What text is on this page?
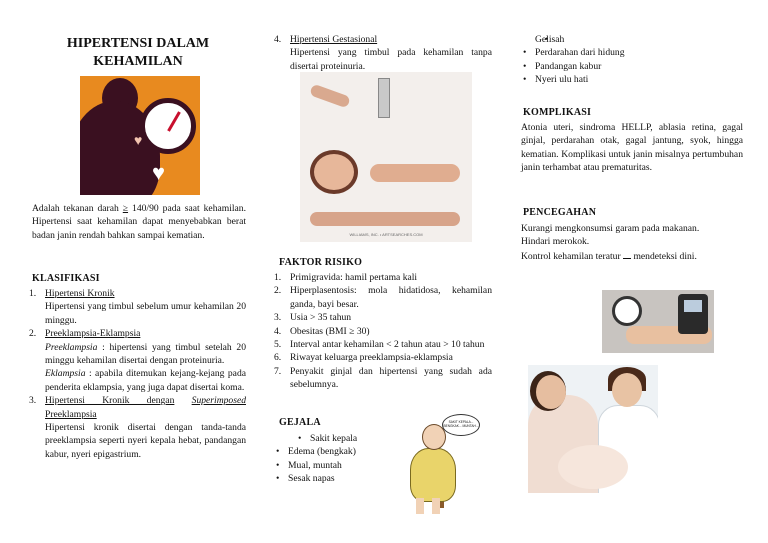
HIPERTENSI DALAM
KEHAMILAN
♥
♥
Adalah tekanan darah ≥ 140/90 pada saat kehamilan. Hipertensi saat kehamilan dapat menyebabkan berat badan janin rendah bahkan sampai kematian.
KLASIFIKASI
1. Hipertensi Kronik
Hipertensi yang timbul sebelum umur kehamilan 20 minggu.
2. Preeklampsia-Eklampsia
Preeklampsia : hipertensi yang timbul setelah 20 minggu kehamilan disertai dengan proteinuria.
Eklampsia : apabila ditemukan kejang-kejang pada penderita eklampsia, yang juga dapat disertai koma.
3. Hipertensi Kronik dengan Superimposed Preeklampsia
Hipertensi kronik disertai dengan tanda-tanda preeklampsia seperti nyeri kepala hebat, pandangan kabur, nyeri epigastrium.
4. Hipertensi Gestasional
Hipertensi yang timbul pada kehamilan tanpa disertai proteinuria.
WILLIAMS, INC. • ARTSEARCHES.COM
FAKTOR RISIKO
1. Primigravida: hamil pertama kali
2. Hiperplasentosis: mola hidatidosa, kehamilan ganda, bayi besar.
3. Usia > 35 tahun
4. Obesitas (BMI ≥ 30)
5. Interval antar kehamilan < 2 tahun atau > 10 tahun
6. Riwayat keluarga preeklampsia-eklampsia
7. Penyakit ginjal dan hipertensi yang sudah ada sebelumnya.
GEJALA
• Sakit kepala
• Edema (bengkak)
• Mual, muntah
• Sesak napas
SAKIT KEPALA... BENGKAK... MUNTAH...
• Gelisah
• Perdarahan dari hidung
• Pandangan kabur
• Nyeri ulu hati
KOMPLIKASI
Atonia uteri, sindroma HELLP, ablasia retina, gagal ginjal, perdarahan otak, gagal jantung, syok, hingga kematian. Komplikasi untuk janin misalnya pertumbuhan janin terhambat atau prematuritas.
PENCEGAHAN
Kurangi mengkonsumsi garam pada makanan.
Hindari merokok.
Kontrol kehamilan teratur mendeteksi dini.
